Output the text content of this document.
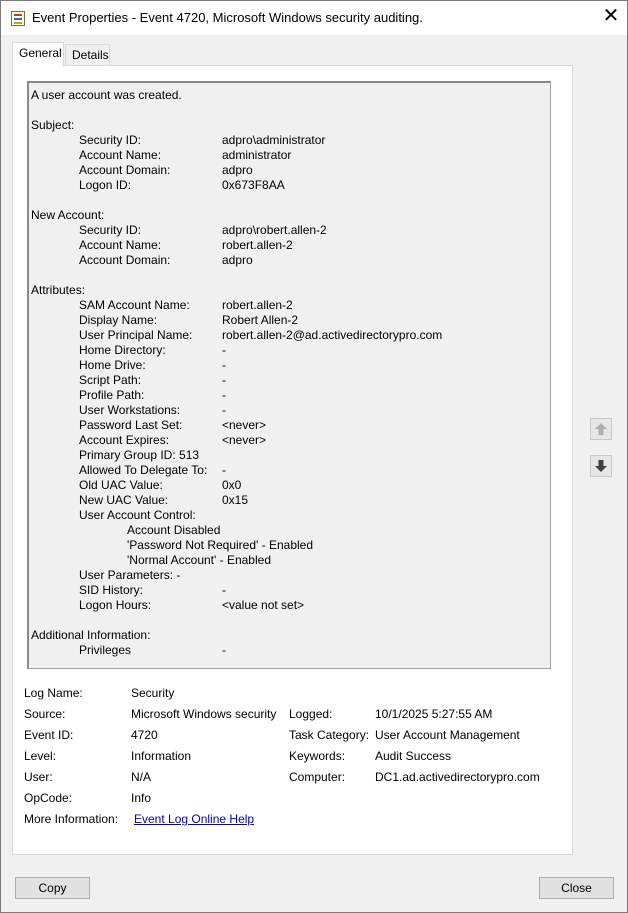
Event Properties - Event 4720, Microsoft Windows security auditing.	✕
General Details
A user account was created.
Subject:
Security ID:	adpro\administrator
Account Name:	administrator
Account Domain:	adpro
Logon ID:	0x673F8AA
New Account:
Security ID:	adpro\robert.allen-2
Account Name:	robert.allen-2
Account Domain:	adpro
Attributes:
SAM Account Name:	robert.allen-2
Display Name:	Robert Allen-2
User Principal Name: robert.allen-2@ad.activedirectorypro.com
Home Directory:	-
Home Drive:	-
Script Path:	-
Profile Path:	-
User Workstations:	-
Password Last Set:	<never>
Account Expires:	<never>
Primary Group ID: 513
Allowed To Delegate To: -
Old UAC Value:	0x0
New UAC Value:	0x15
User Account Control:
Account Disabled
'Password Not Required' - Enabled
'Normal Account' - Enabled
User Parameters: -
SID History:	-
Logon Hours:	<value not set>
Additional Information:
Privileges	-
Log Name:	Security
Source:	Microsoft Windows security Logged:	10/1/2025 5:27:55 AM
Event ID:	4720	Task Category: User Account Management
Level:	Information	Keywords: Audit Success
User:	N/A	Computer: DC1.ad.activedirectorypro.com
OpCode:	Info
More Information: Event Log Online Help
Copy	Close
